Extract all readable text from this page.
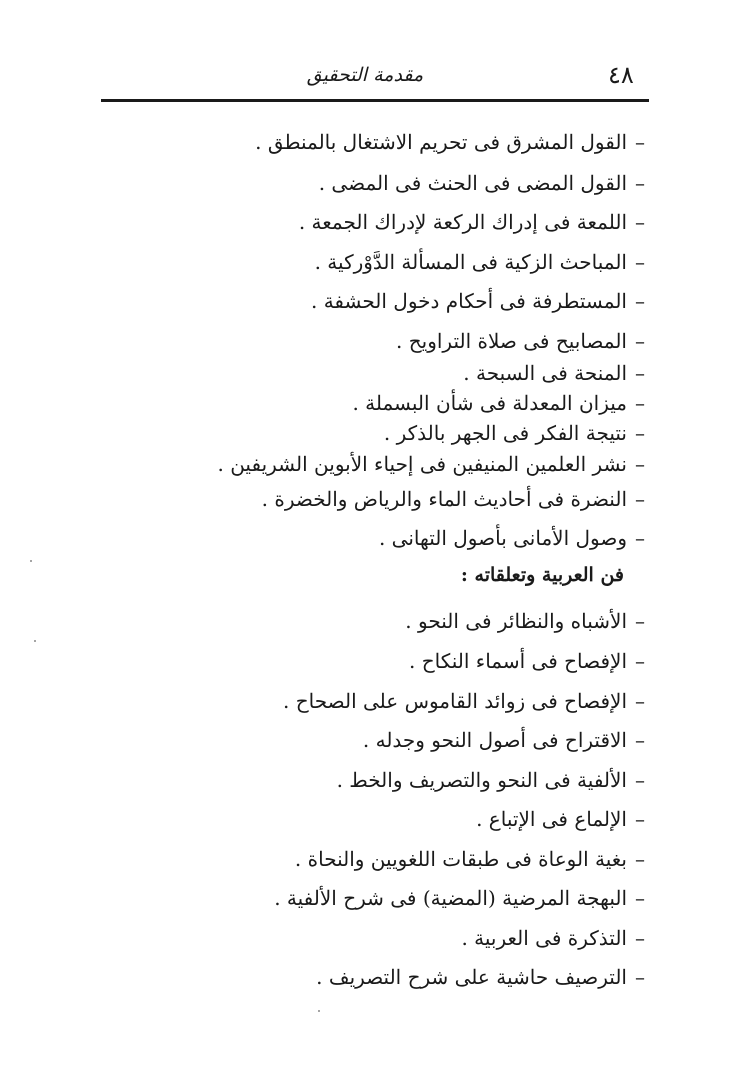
٤٨
مقدمة التحقيق
–القول المشرق فى تحريم الاشتغال بالمنطق .
–القول المضى فى الحنث فى المضى .
–اللمعة فى إدراك الركعة لإدراك الجمعة .
–المباحث الزكية فى المسألة الدَّوْركية .
–المستطرفة فى أحكام دخول الحشفة .
–المصابيح فى صلاة التراويح .
–المنحة فى السبحة .
–ميزان المعدلة فى شأن البسملة .
–نتيجة الفكر فى الجهر بالذكر .
–نشر العلمين المنيفين فى إحياء الأبوين الشريفين .
–النضرة فى أحاديث الماء والرياض والخضرة .
–وصول الأمانى بأصول التهانى .
فن العربية وتعلقاته :
–الأشباه والنظائر فى النحو .
–الإفصاح فى أسماء النكاح .
–الإفصاح فى زوائد القاموس على الصحاح .
–الاقتراح فى أصول النحو وجدله .
–الألفية فى النحو والتصريف والخط .
–الإلماع فى الإتباع .
–بغية الوعاة فى طبقات اللغويين والنحاة .
–البهجة المرضية (المضية) فى شرح الألفية .
–التذكرة فى العربية .
–الترصيف حاشية على شرح التصريف .
